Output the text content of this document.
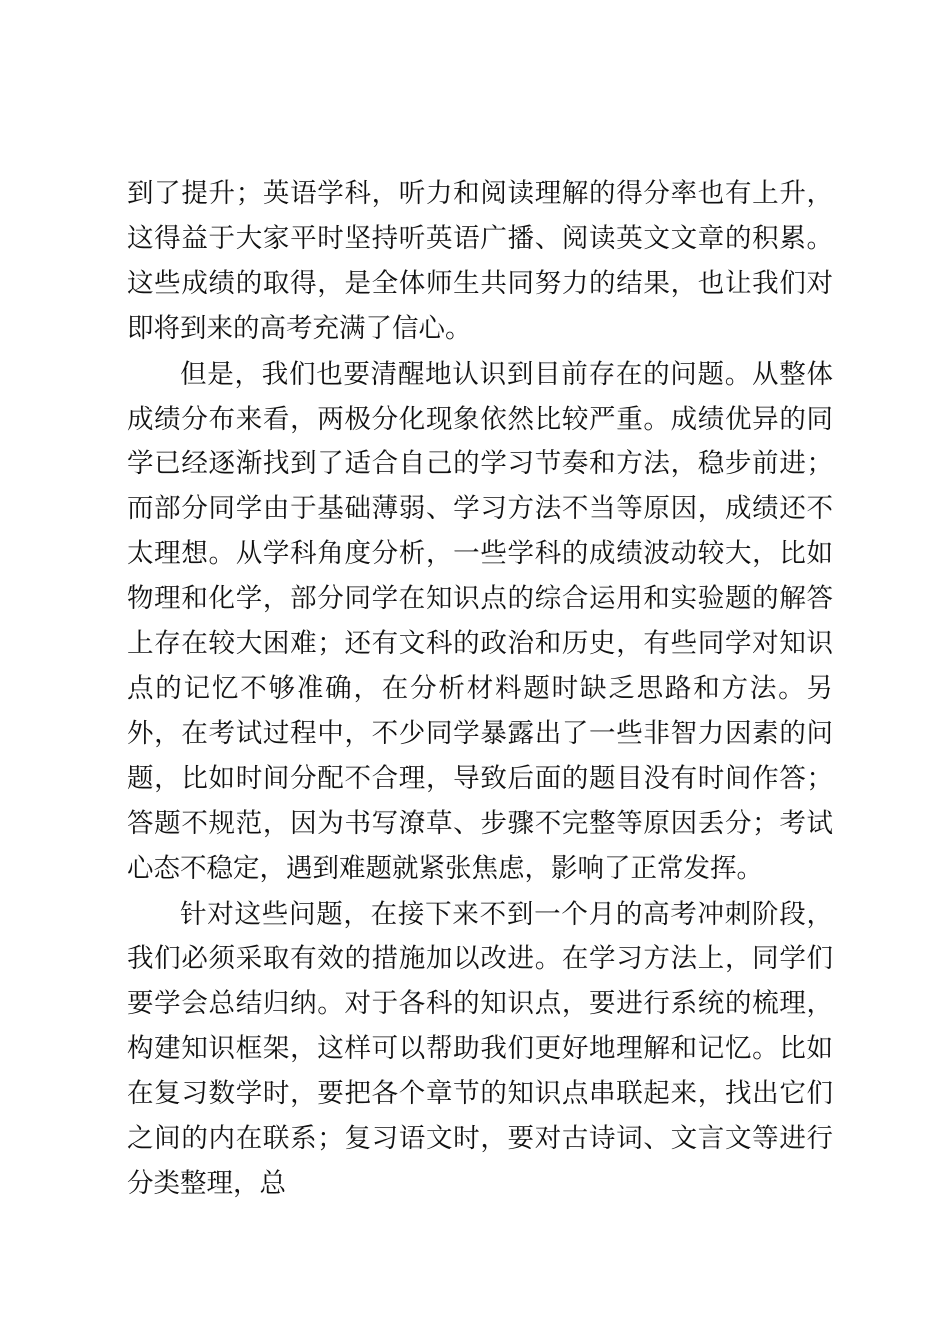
到了提升；英语学科，听力和阅读理解的得分率也有上升，这得益于大家平时坚持听英语广播、阅读英文文章的积累。这些成绩的取得，是全体师生共同努力的结果，也让我们对即将到来的高考充满了信心。

但是，我们也要清醒地认识到目前存在的问题。从整体成绩分布来看，两极分化现象依然比较严重。成绩优异的同学已经逐渐找到了适合自己的学习节奏和方法，稳步前进；而部分同学由于基础薄弱、学习方法不当等原因，成绩还不太理想。从学科角度分析，一些学科的成绩波动较大，比如物理和化学，部分同学在知识点的综合运用和实验题的解答上存在较大困难；还有文科的政治和历史，有些同学对知识点的记忆不够准确，在分析材料题时缺乏思路和方法。另外，在考试过程中，不少同学暴露出了一些非智力因素的问题，比如时间分配不合理，导致后面的题目没有时间作答；答题不规范，因为书写潦草、步骤不完整等原因丢分；考试心态不稳定，遇到难题就紧张焦虑，影响了正常发挥。

针对这些问题，在接下来不到一个月的高考冲刺阶段，我们必须采取有效的措施加以改进。在学习方法上，同学们要学会总结归纳。对于各科的知识点，要进行系统的梳理，构建知识框架，这样可以帮助我们更好地理解和记忆。比如在复习数学时，要把各个章节的知识点串联起来，找出它们之间的内在联系；复习语文时，要对古诗词、文言文等进行分类整理，总
